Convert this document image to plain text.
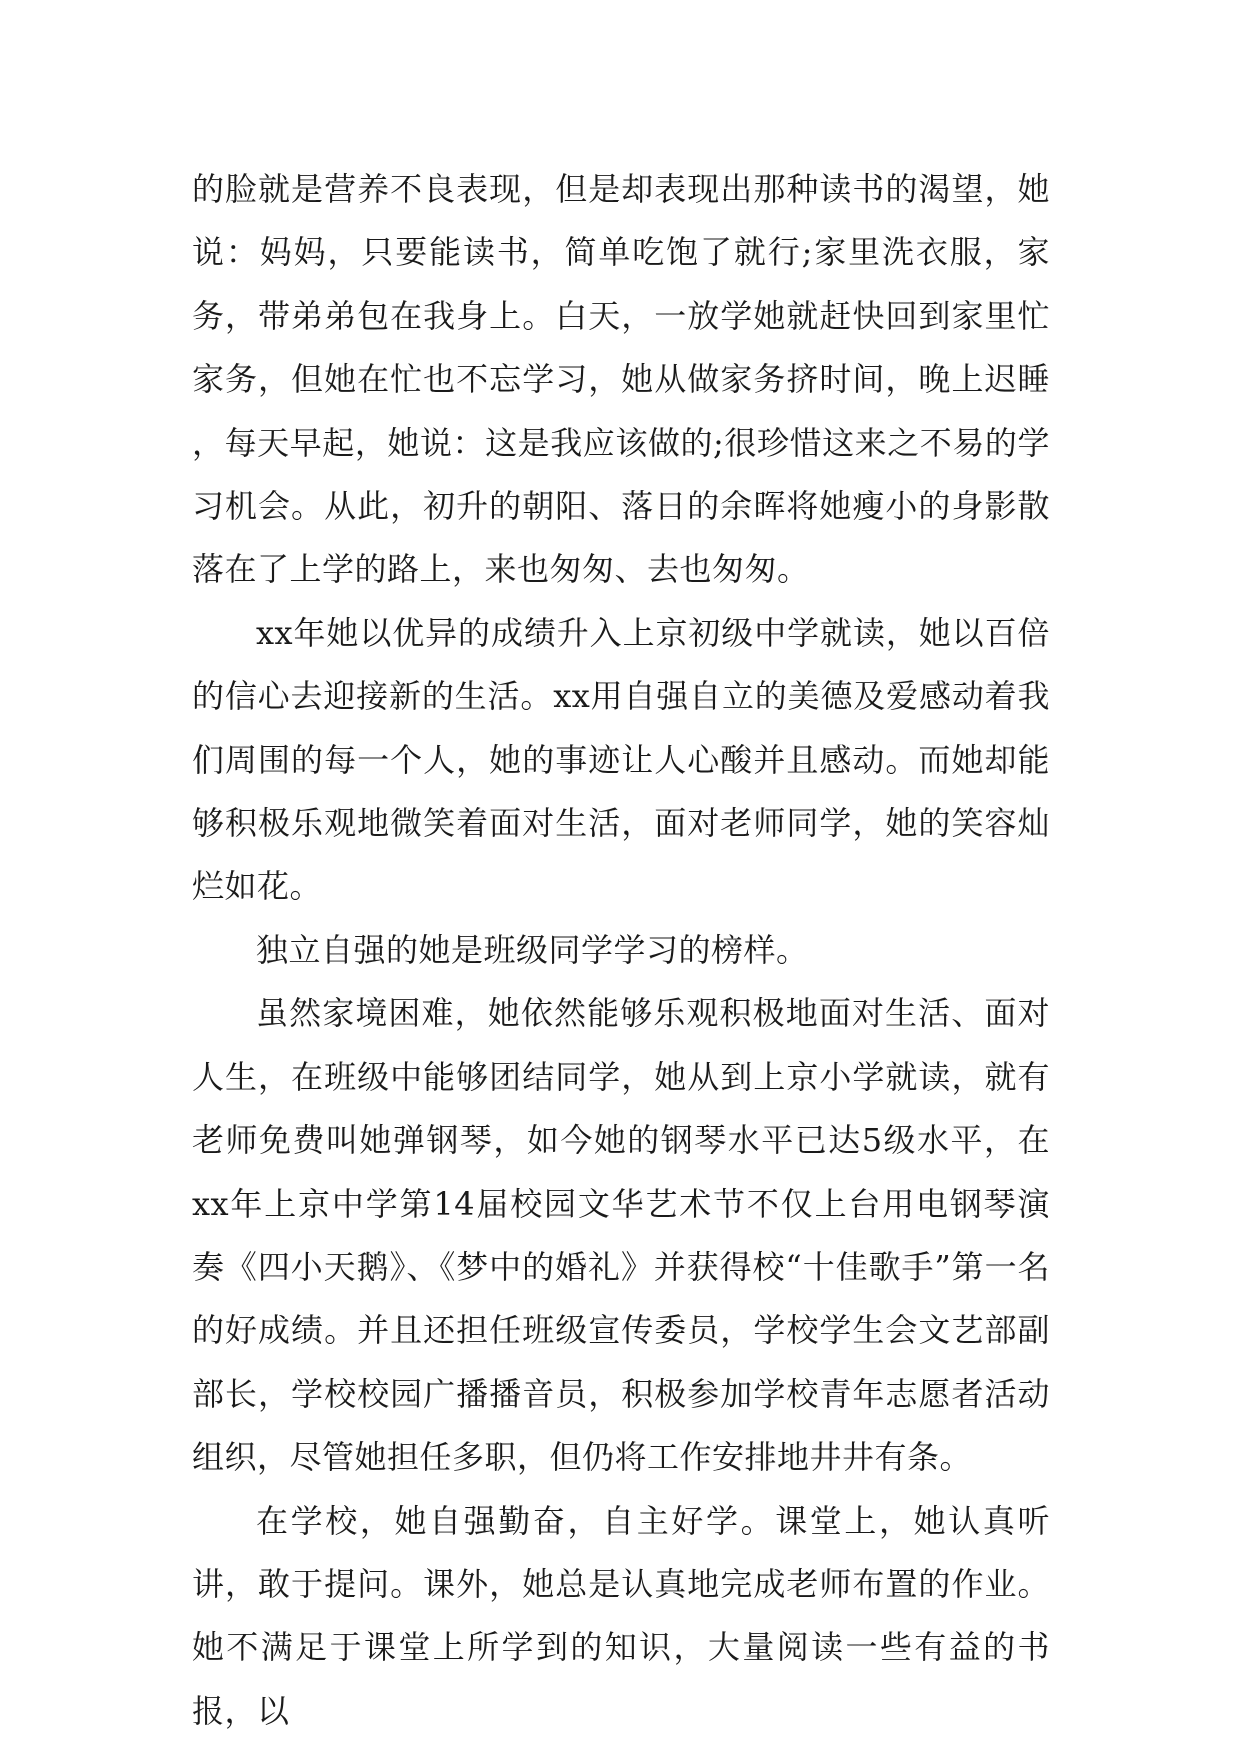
的脸就是营养不良表现，但是却表现出那种读书的渴望，她说：妈妈，只要能读书，简单吃饱了就行;家里洗衣服，家务，带弟弟包在我身上。白天，一放学她就赶快回到家里忙家务，但她在忙也不忘学习，她从做家务挤时间，晚上迟睡 ，每天早起，她说：这是我应该做的;很珍惜这来之不易的学习机会。从此，初升的朝阳、落日的余晖将她瘦小的身影散落在了上学的路上，来也匆匆、去也匆匆。

xx年她以优异的成绩升入上京初级中学就读，她以百倍的信心去迎接新的生活。xx用自强自立的美德及爱感动着我们周围的每一个人，她的事迹让人心酸并且感动。而她却能够积极乐观地微笑着面对生活，面对老师同学，她的笑容灿烂如花。

独立自强的她是班级同学学习的榜样。

虽然家境困难，她依然能够乐观积极地面对生活、面对人生，在班级中能够团结同学，她从到上京小学就读，就有老师免费叫她弹钢琴，如今她的钢琴水平已达5级水平，在xx年上京中学第14届校园文华艺术节不仅上台用电钢琴演奏《四小天鹅》、《梦中的婚礼》并获得校“十佳歌手”第一名的好成绩。并且还担任班级宣传委员，学校学生会文艺部副部长，学校校园广播播音员，积极参加学校青年志愿者活动组织，尽管她担任多职，但仍将工作安排地井井有条。

在学校，她自强勤奋，自主好学。课堂上，她认真听讲，敢于提问。课外，她总是认真地完成老师布置的作业。她不满足于课堂上所学到的知识，大量阅读一些有益的书报，以
